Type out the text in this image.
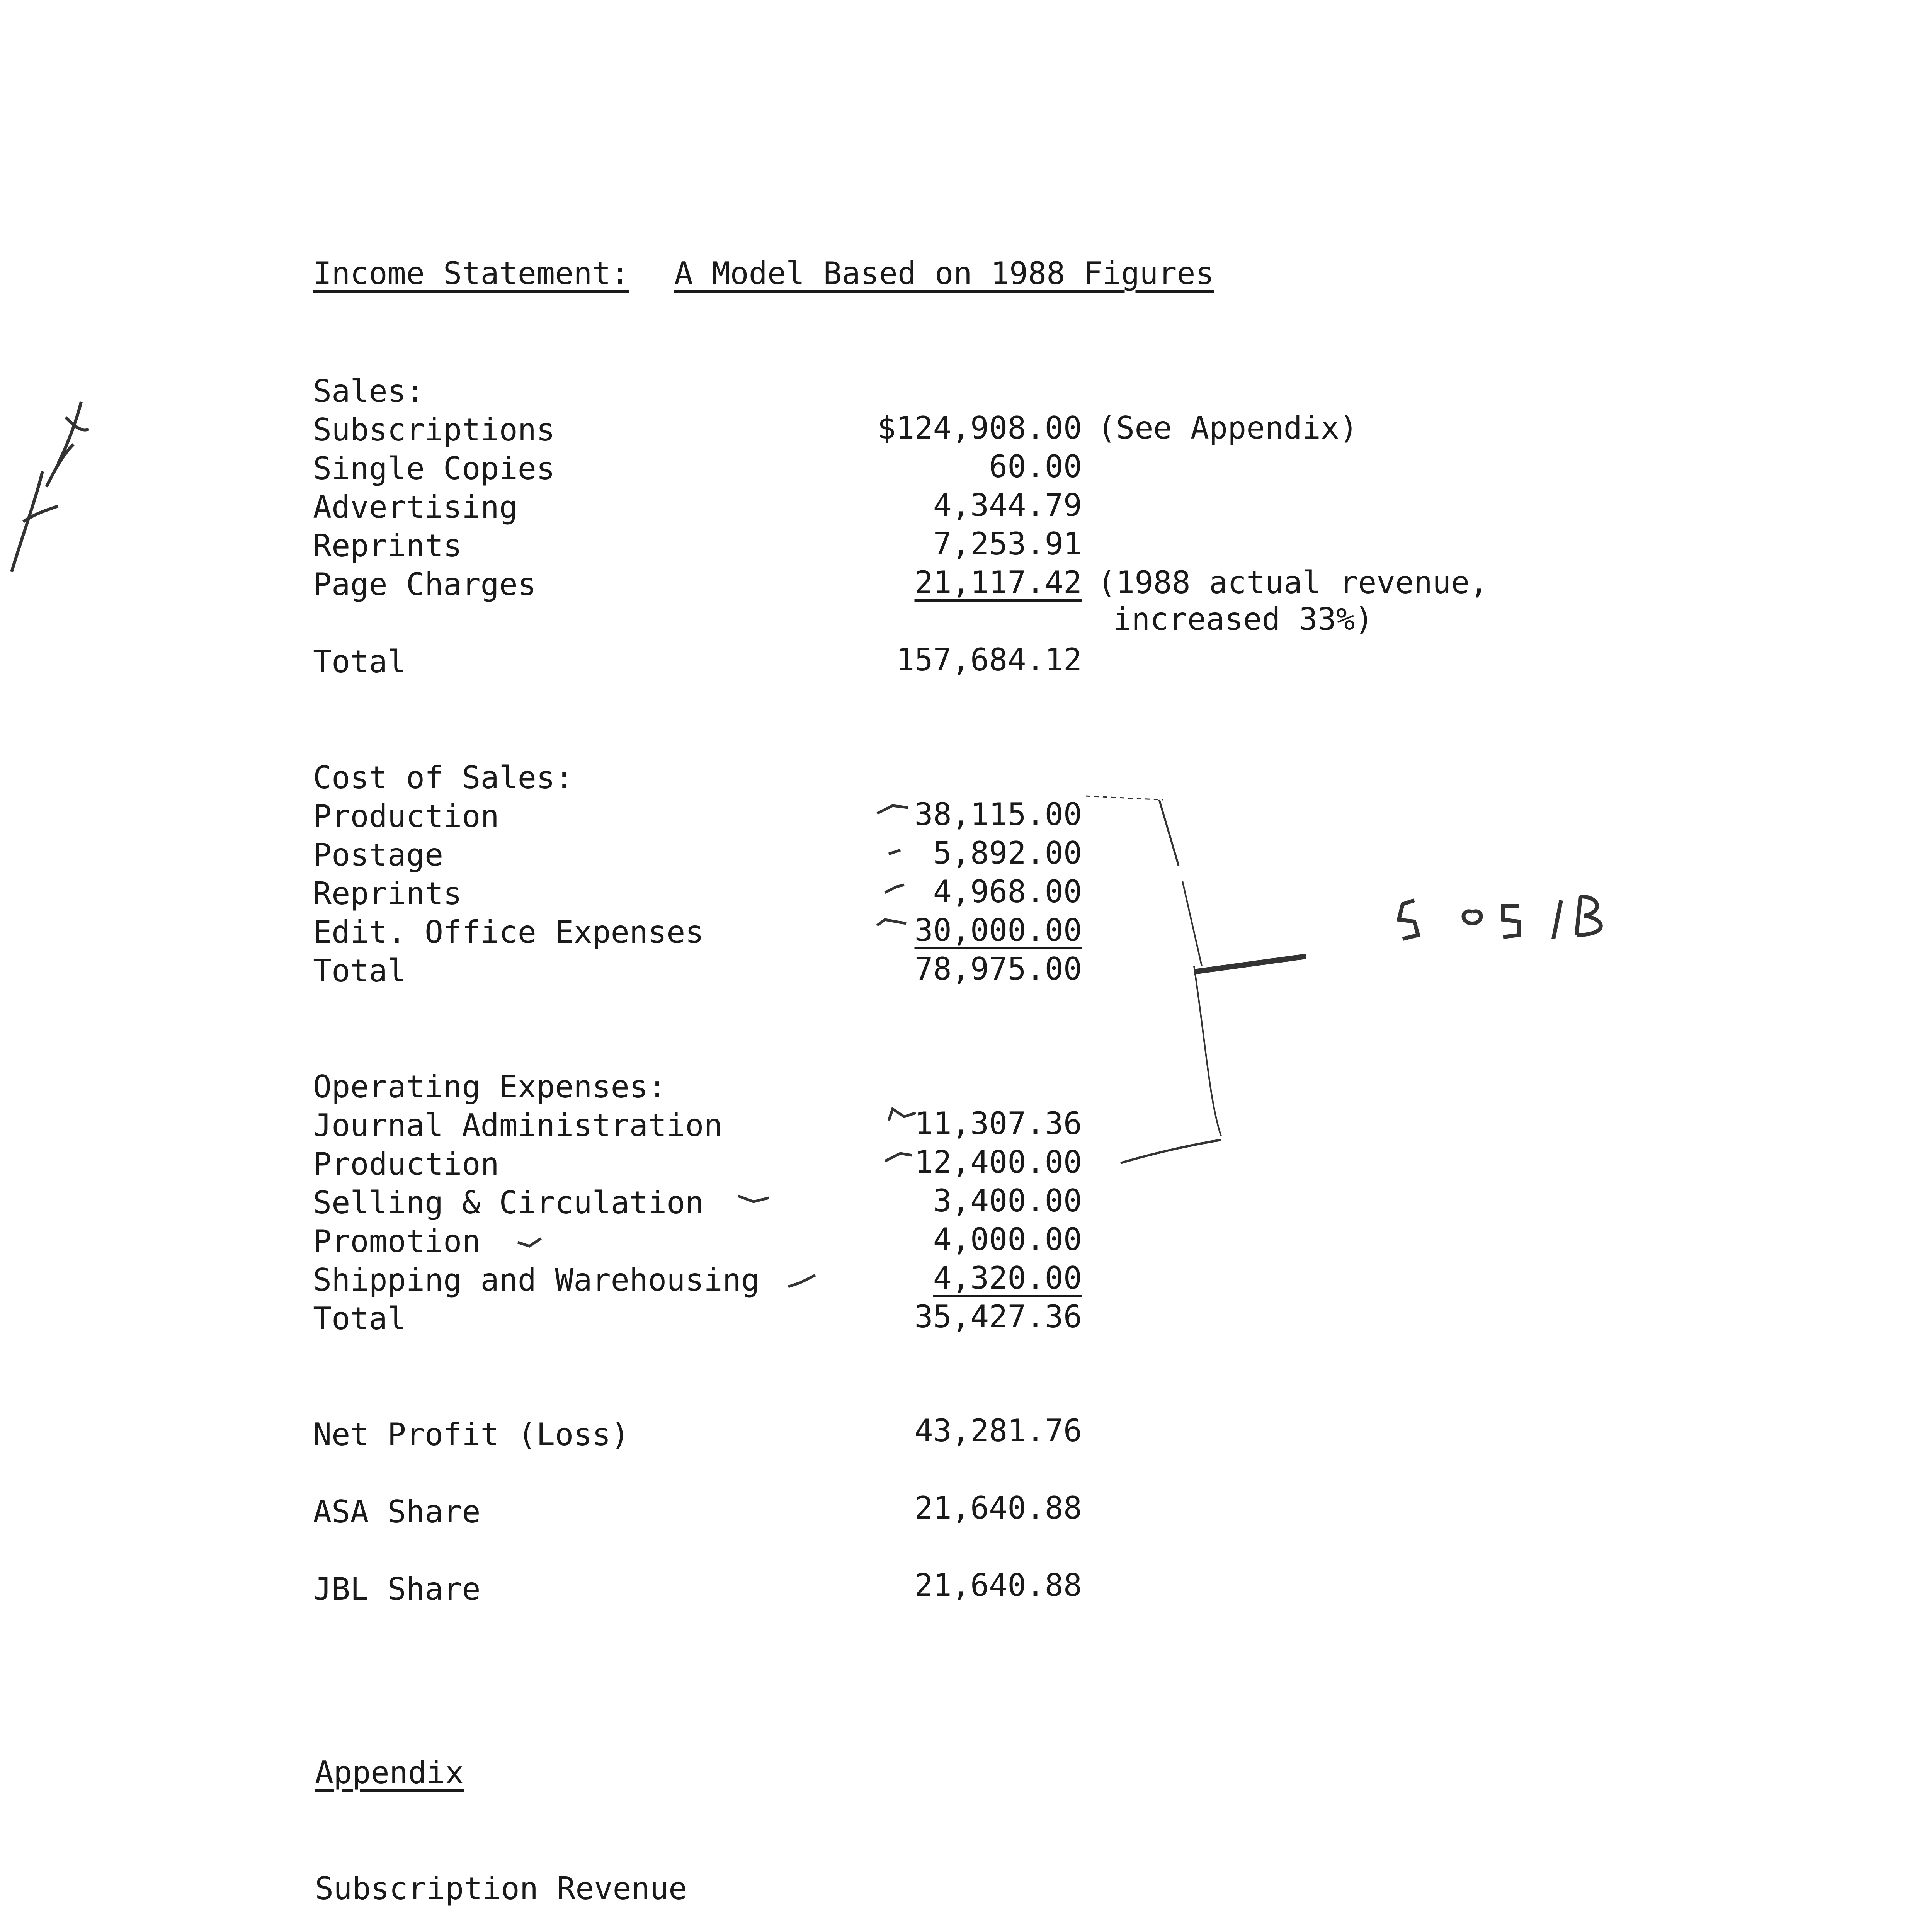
Income Statement: A Model Based on 1988 Figures
Sales:
Subscriptions	$124,908.00 (See Appendix)
Single Copies	60.00
Advertising	4,344.79
Reprints	7,253.91
Page Charges	21,117.42 (1988 actual revenue,
increased 33%)
Total	157,684.12
Cost of Sales:
Production	38,115.00
Postage	5,892.00
Reprints	4,968.00
Edit. Office Expenses	30,000.00
Total	78,975.00
Operating Expenses:
Journal Administration	11,307.36
Production	12,400.00
Selling & Circulation	3,400.00
Promotion	4,000.00
Shipping and Warehousing	4,320.00
Total	35,427.36
Net Profit (Loss)	43,281.76
ASA Share	21,640.88
JBL Share	21,640.88
Appendix
Subscription Revenue
